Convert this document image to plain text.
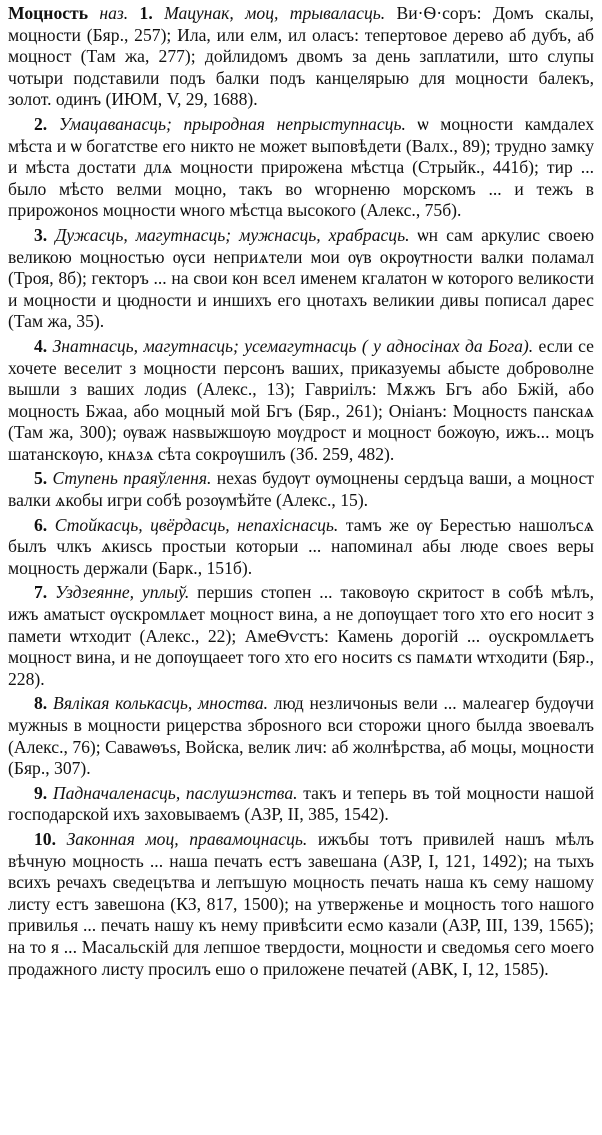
Моцность наз. 1. Мацунак, моц, трываласць. Ви·Ѳ·соръ: Домъ скалы, моцности (Бяр., 257); Ила, или елм, ил оласъ: тепертовое дерево аб дубъ, аб моцност (Там жа, 277); дойлидомъ двомъ за день заплатили, што слупы чотыри подставили подъ балки подъ канцелярыю для моцности балекъ, золот. одинъ (ИЮМ, V, 29, 1688).

2. Умацаванасць; прыродная непрыступнасць. ѡ моцности камдалех мѣста и ѡ богатстве его никто не может выповѣдети (Валх., 89); трудно замку и мѣста достати длѧ моцности прирожена мѣстца (Стрыйк., 441б); тир ... было мѣсто велми моцно, такъ во ѡгорненю морскомъ ... и тежъ в прирожоноs моцности ѡного мѣстца высокого (Алекс., 75б).

3. Дужасць, магутнасць; мужнасць, храбрасць. ѡн сам аркулис своею великою моцностью ѹси неприѧтели мои ѹв окрѹтности валки поламал (Троя, 8б); гекторъ ... на свои кон всел именем кгалатон ѡ которого великости и моцности и цюдности и иншихъ его цнотахъ великии дивы пописал дарес (Там жа, 35).

4. Знатнасць, магутнасць; усемагутнасць ( у адносінах да Бога). если се хочете веселит з моцности персонъ ваших, приказуемы абысте доброволне вышли з ваших лодиs (Алекс., 13); Гавриілъ: Мѫжъ Бгъ або Бжій, або моцность Бжаа, або моцный мой Бгъ (Бяр., 261); Оніанъ: Моцностs панскаѧ (Там жа, 300); ѹваж наsвыжшѹю мѹдрост и моцност божѹю, ижъ... моцъ шатанскѹю, кнѧзѧ сѣта сокрѹшилъ (Зб. 259, 482).

5. Ступень праяўлення. нехаs будѹт ѹмоцнены сердъца ваши, а моцност валки ѧкобы игри собѣ розѹмѣйте (Алекс., 15).

6. Стойкасць, цвёрдасць, непахіснасць. тамъ же ѹ Берестью нашолъсѧ былъ члкъ ѧкиsсь простыи которыи ... напоминал абы люде своеs веры моцность держали (Барк., 151б).

7. Уздзеянне, уплыў. першиs стопен ... таковѹю скритост в собѣ мѣлъ, ижъ аматыст ѹскромлѧет моцност вина, а не допѹщает того хто его носит з памети ѡтходит (Алекс., 22); АмеѲѵстъ: Камень дорогій ... оускромлѧетъ моцност вина, и не допѹщаеет того хто его носитs сs памѧти ѡтходити (Бяр., 228).

8. Вялікая колькасць, мноства. люд незличоныs вели ... малеагер будѹчи мужныs в моцности рицерства зброsного вси сторожи цного былда звоевалъ (Алекс., 76); Саваѡѳъs, Войска, велик лич: аб жолнѣрства, аб моцы, моцности (Бяр., 307).

9. Падначаленасць, паслушэнства. такъ и теперь въ той моцности нашой господарской ихъ заховываемъ (АЗР, II, 385, 1542).

10. Законная моц, правамоцнасць. ижъбы тотъ привилей нашъ мѣлъ вѣчную моцность ... наша печать естъ завешана (АЗР, I, 121, 1492); на тыхъ всихъ речахъ сведецътва и лепъшую моцность печать наша къ сему нашому листу естъ завешона (КЗ, 817, 1500); на утверженье и моцность того нашого привилья ... печать нашу къ нему привѣсити есмо казали (АЗР, III, 139, 1565); на то я ... Масальскій для лепшое твердости, моцности и сведомья сего моего продажного листу просилъ ешо о приложене печатей (АВК, I, 12, 1585).
